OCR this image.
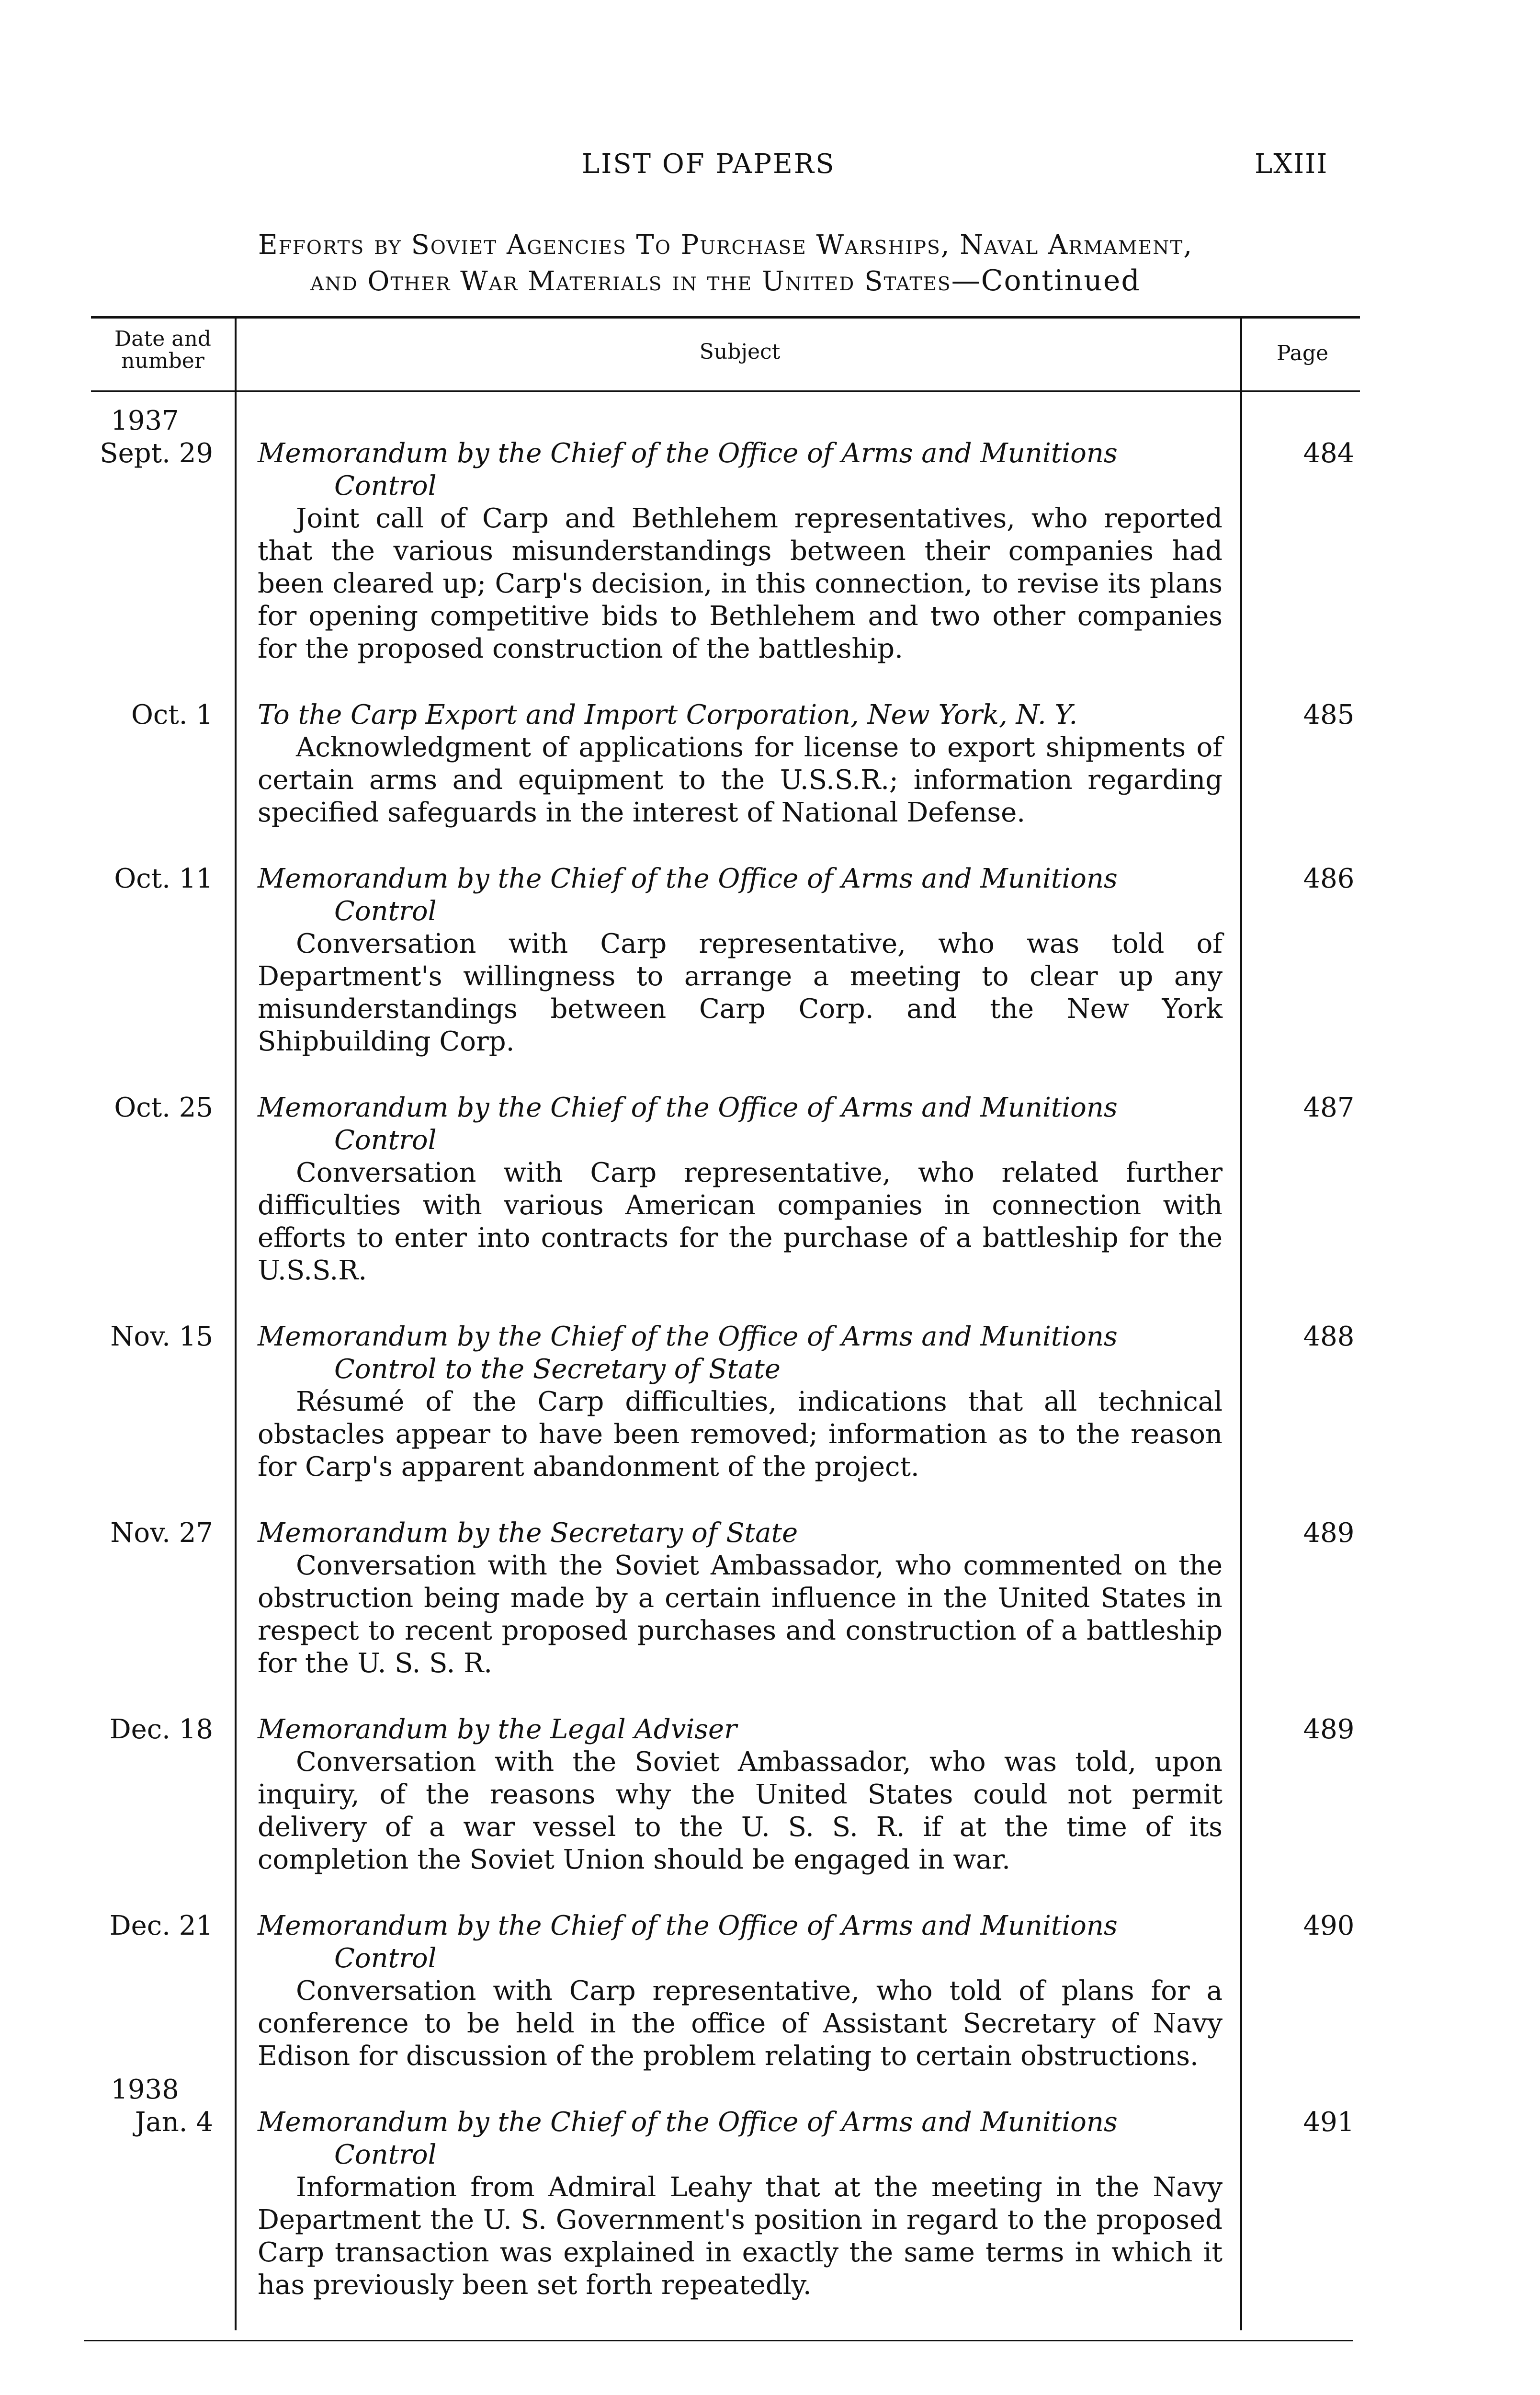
LIST OF PAPERS	LXIII
Efforts by Soviet Agencies To Purchase Warships, Naval Armament,
and Other War Materials in the United States—Continued
Date and number	Subject	Page
1937
Sept. 29 Memorandum by the Chief of the Office of Arms and Munitions
Control
Joint call of Carp and Bethlehem representatives, who reported that the various misunderstandings between their companies had been cleared up; Carp's decision, in this connection, to revise its plans for opening competitive bids to Bethlehem and two other companies for the proposed construction of the battleship.
484
Oct. 1 To the Carp Export and Import Corporation, New York, N. Y.
Acknowledgment of applications for license to export shipments of certain arms and equipment to the U.S.S.R.; information regarding specified safeguards in the interest of National Defense.
485
Oct. 11 Memorandum by the Chief of the Office of Arms and Munitions
Control
Conversation with Carp representative, who was told of Department's willingness to arrange a meeting to clear up any misunderstandings between Carp Corp. and the New York Shipbuilding Corp.
486
Oct. 25 Memorandum by the Chief of the Office of Arms and Munitions
Control
Conversation with Carp representative, who related further difficulties with various American companies in connection with efforts to enter into contracts for the purchase of a battleship for the U.S.S.R.
487
Nov. 15 Memorandum by the Chief of the Office of Arms and Munitions
Control to the Secretary of State
Résumé of the Carp difficulties, indications that all technical obstacles appear to have been removed; information as to the reason for Carp's apparent abandonment of the project.
488
Nov. 27 Memorandum by the Secretary of State
Conversation with the Soviet Ambassador, who commented on the obstruction being made by a certain influence in the United States in respect to recent proposed purchases and construction of a battleship for the U. S. S. R.
489
Dec. 18 Memorandum by the Legal Adviser
Conversation with the Soviet Ambassador, who was told, upon inquiry, of the reasons why the United States could not permit delivery of a war vessel to the U. S. S. R. if at the time of its completion the Soviet Union should be engaged in war.
489
Dec. 21 Memorandum by the Chief of the Office of Arms and Munitions
Control
Conversation with Carp representative, who told of plans for a conference to be held in the office of Assistant Secretary of Navy Edison for discussion of the problem relating to certain obstructions.
490
1938
Jan. 4 Memorandum by the Chief of the Office of Arms and Munitions
Control
Information from Admiral Leahy that at the meeting in the Navy Department the U. S. Government's position in regard to the proposed Carp transaction was explained in exactly the same terms in which it has previously been set forth repeatedly.
491
